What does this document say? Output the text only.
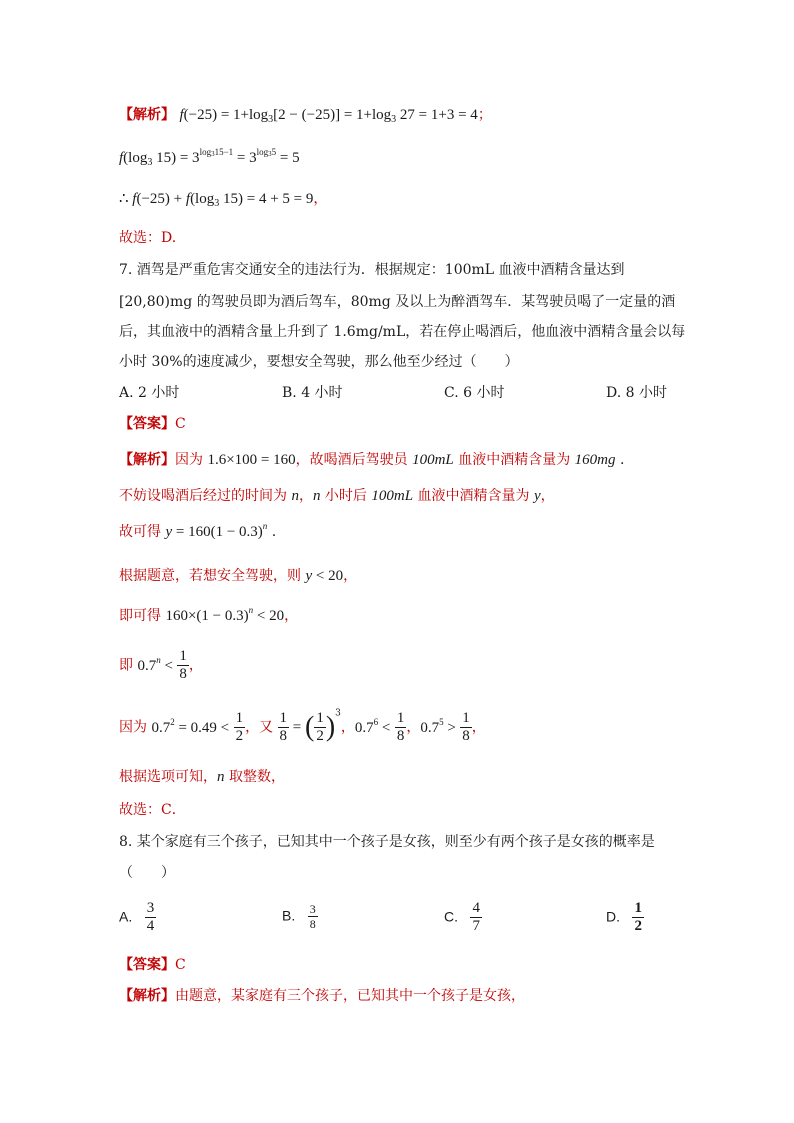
【解析】 $f(-25) = 1+\log_3[2 - (-25)] = 1+\log_3$ 27 = 1+3 = 4；
$f(\log_3$ $15) = 3^{log_315-1} = 3^{log_35} = 5$
∴ $f(-25) + f(\log_3$ 15) = 4 + 5 = 9，
故选：D.
7. 酒驾是严重危害交通安全的违法行为．根据规定：100mL 血液中酒精含量达到
[20,80)mg 的驾驶员即为酒后驾车，80mg 及以上为醉酒驾车．某驾驶员喝了一定量的酒
后，其血液中的酒精含量上升到了 1.6mg/mL，若在停止喝酒后，他血液中酒精含量会以每
小时 30%的速度减少，要想安全驾驶，那么他至少经过（　　）
A. 2 小时	B. 4 小时	C. 6 小时	D. 8 小时
【答案】C
【解析】因为 1.6×100 = 160，故喝酒后驾驶员 100mL 血液中酒精含量为 160mg .
不妨设喝酒后经过的时间为 n，n 小时后 100mL 血液中酒精含量为 y，
故可得 $y = 160(1 - 0.3)^n$ .
根据题意，若想安全驾驶，则 y < 20，
即可得 $160\times(1 - 0.3)^n < 20$，
即 $0.7^n < \frac{1}{8}$ ，
因为 $0.7^2 = 0.49 < \frac{1}{2}$ ，又 $\frac{1}{8}$ = ( $\frac{1}{2} )^3$，$0.7^6 < \frac{1}{8}$ ，$0.7^5 > \frac{1}{8}$ ，
根据选项可知，n 取整数，
故选：C．
8. 某个家庭有三个孩子，已知其中一个孩子是女孩，则至少有两个孩子是女孩的概率是
（　　）
A. $\frac{3}{4}$	B. $\frac{3}{8}$	C. $\frac{4}{7}$	D. $\frac{1}{2}$
【答案】C
【解析】由题意，某家庭有三个孩子，已知其中一个孩子是女孩，
